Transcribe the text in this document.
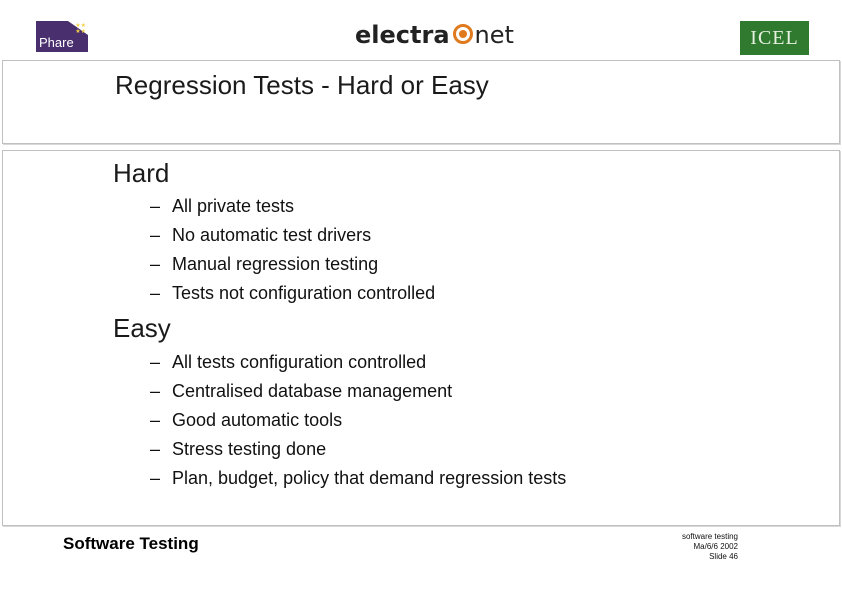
★★
★★
Phare	electra net	ICEL
Regression Tests - Hard or Easy
Hard
– All private tests
– No automatic test drivers
– Manual regression testing
– Tests not configuration controlled
Easy
– All tests configuration controlled
– Centralised database management
– Good automatic tools
– Stress testing done
– Plan, budget, policy that demand regression tests
Software Testing	software testing
Ma/6/6 2002
Slide 46
